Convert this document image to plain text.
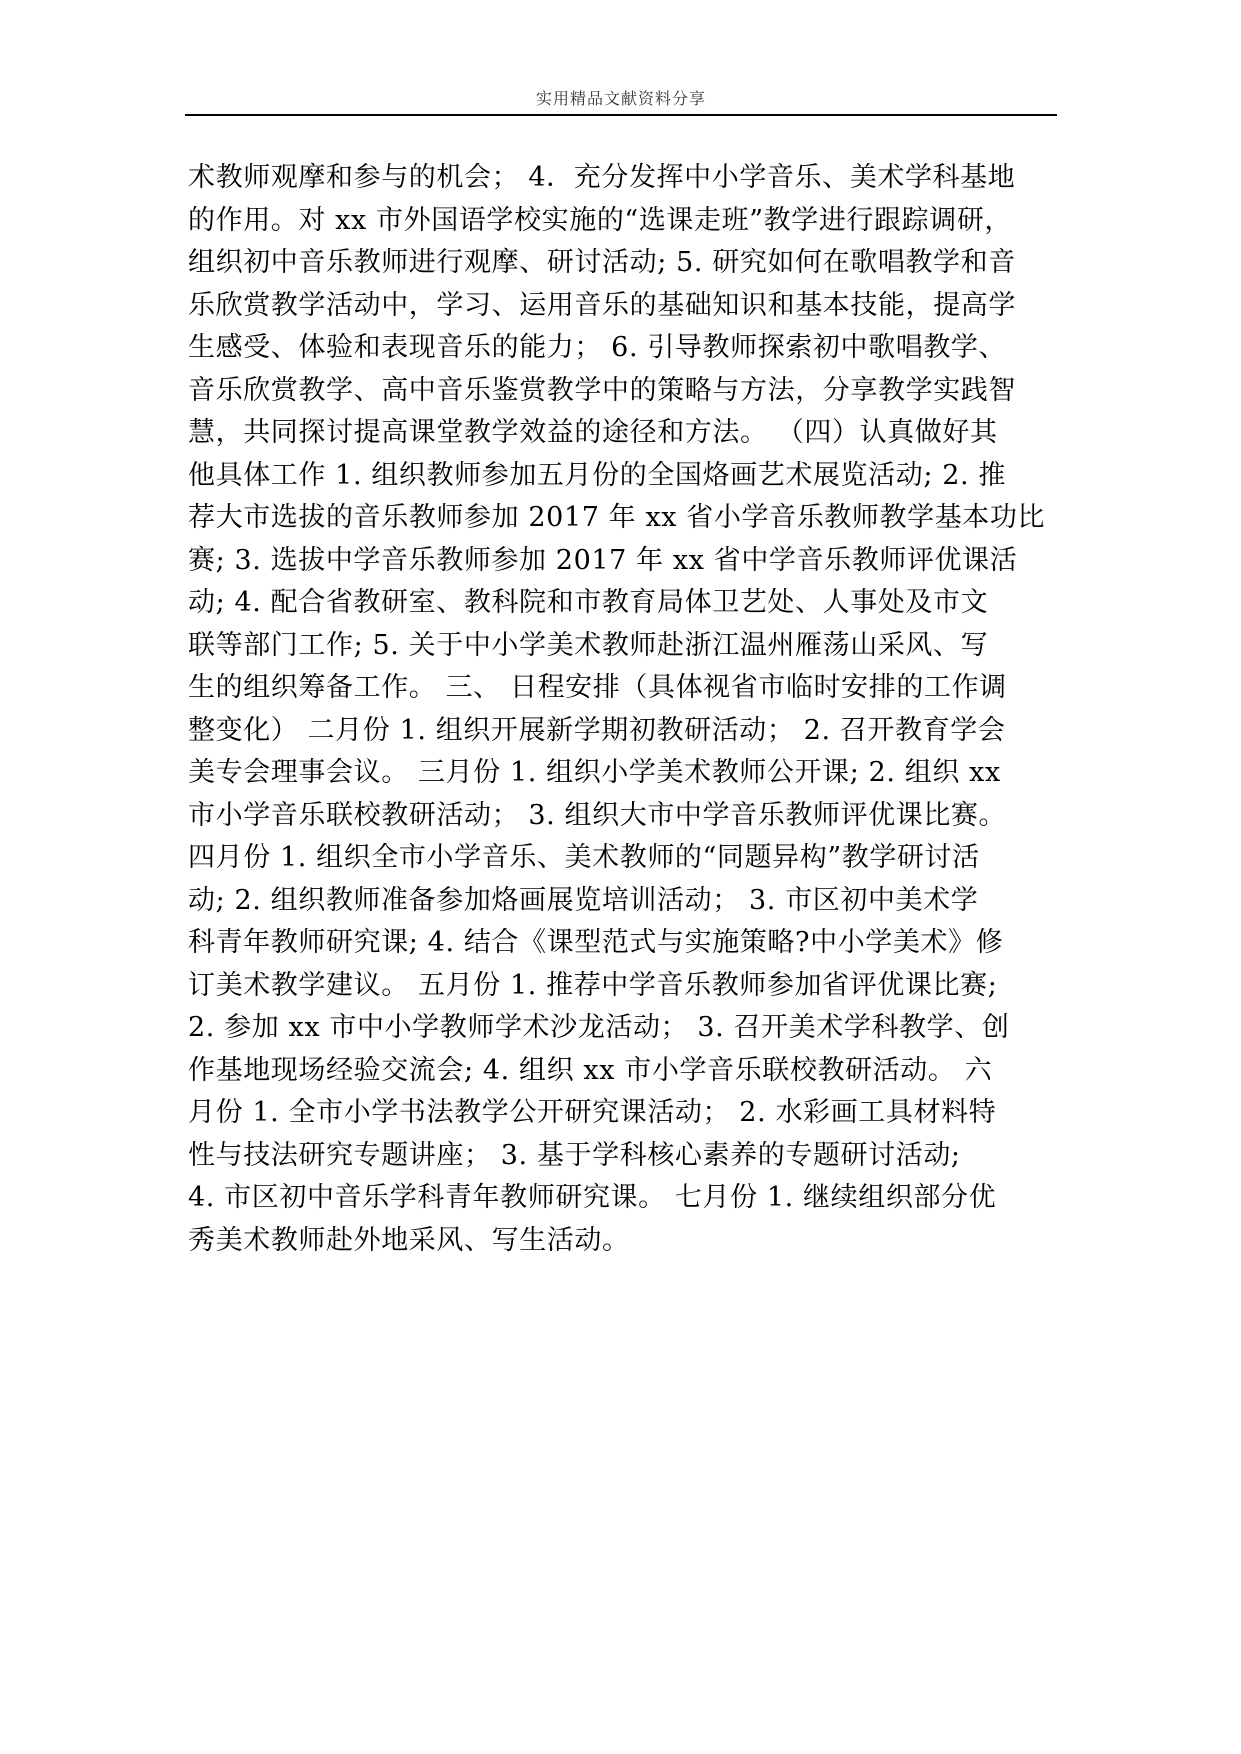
实用精品文献资料分享
术教师观摩和参与的机会； 4．充分发挥中小学音乐、美术学科基地
的作用。对 xx 市外国语学校实施的“选课走班”教学进行跟踪调研，
组织初中音乐教师进行观摩、研讨活动; 5. 研究如何在歌唱教学和音
乐欣赏教学活动中，学习、运用音乐的基础知识和基本技能，提高学
生感受、体验和表现音乐的能力； 6. 引导教师探索初中歌唱教学、
音乐欣赏教学、高中音乐鉴赏教学中的策略与方法，分享教学实践智
慧，共同探讨提高课堂教学效益的途径和方法。 （四）认真做好其
他具体工作 1. 组织教师参加五月份的全国烙画艺术展览活动; 2. 推
荐大市选拔的音乐教师参加 2017 年 xx 省小学音乐教师教学基本功比
赛; 3. 选拔中学音乐教师参加 2017 年 xx 省中学音乐教师评优课活
动; 4. 配合省教研室、教科院和市教育局体卫艺处、人事处及市文
联等部门工作; 5. 关于中小学美术教师赴浙江温州雁荡山采风、写
生的组织筹备工作。 三、 日程安排（具体视省市临时安排的工作调
整变化） 二月份 1. 组织开展新学期初教研活动； 2. 召开教育学会
美专会理事会议。 三月份 1. 组织小学美术教师公开课; 2. 组织 xx
市小学音乐联校教研活动； 3. 组织大市中学音乐教师评优课比赛。
四月份 1. 组织全市小学音乐、美术教师的“同题异构”教学研讨活
动; 2. 组织教师准备参加烙画展览培训活动； 3. 市区初中美术学
科青年教师研究课; 4. 结合《课型范式与实施策略?中小学美术》修
订美术教学建议。 五月份 1. 推荐中学音乐教师参加省评优课比赛;
2. 参加 xx 市中小学教师学术沙龙活动； 3. 召开美术学科教学、创
作基地现场经验交流会; 4. 组织 xx 市小学音乐联校教研活动。 六
月份 1. 全市小学书法教学公开研究课活动； 2. 水彩画工具材料特
性与技法研究专题讲座； 3. 基于学科核心素养的专题研讨活动;
4. 市区初中音乐学科青年教师研究课。 七月份 1. 继续组织部分优
秀美术教师赴外地采风、写生活动。
